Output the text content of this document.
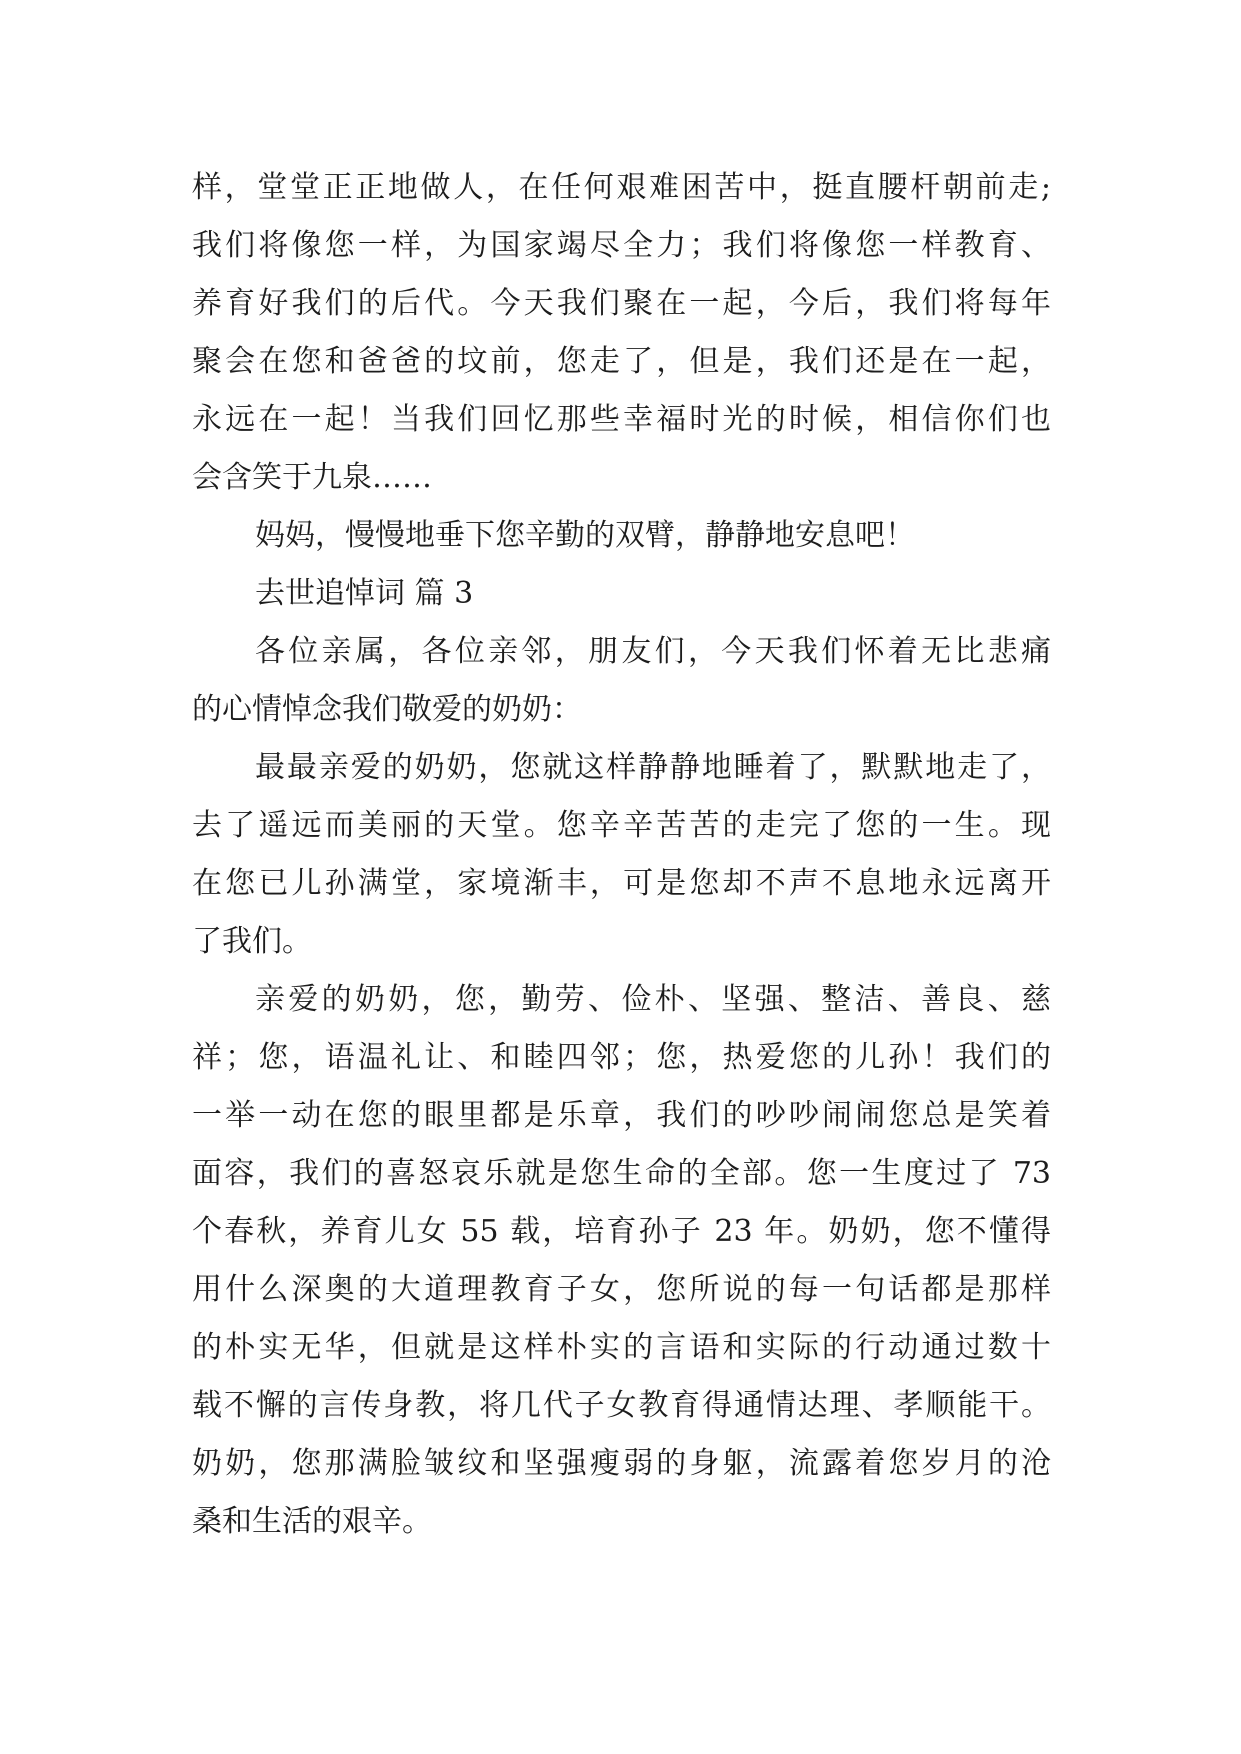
样，堂堂正正地做人，在任何艰难困苦中，挺直腰杆朝前走;
我们将像您一样，为国家竭尽全力；我们将像您一样教育、
养育好我们的后代。今天我们聚在一起，今后，我们将每年
聚会在您和爸爸的坟前，您走了，但是，我们还是在一起，
永远在一起！当我们回忆那些幸福时光的时候，相信你们也
会含笑于九泉……
妈妈，慢慢地垂下您辛勤的双臂，静静地安息吧！
去世追悼词 篇 3
各位亲属，各位亲邻，朋友们，今天我们怀着无比悲痛
的心情悼念我们敬爱的奶奶：
最最亲爱的奶奶，您就这样静静地睡着了，默默地走了，
去了遥远而美丽的天堂。您辛辛苦苦的走完了您的一生。现
在您已儿孙满堂，家境渐丰，可是您却不声不息地永远离开
了我们。
亲爱的奶奶，您，勤劳、俭朴、坚强、整洁、善良、慈
祥；您，语温礼让、和睦四邻；您，热爱您的儿孙！我们的
一举一动在您的眼里都是乐章，我们的吵吵闹闹您总是笑着
面容，我们的喜怒哀乐就是您生命的全部。您一生度过了 73
个春秋，养育儿女 55 载，培育孙子 23 年。奶奶，您不懂得
用什么深奥的大道理教育子女，您所说的每一句话都是那样
的朴实无华，但就是这样朴实的言语和实际的行动通过数十
载不懈的言传身教，将几代子女教育得通情达理、孝顺能干。
奶奶，您那满脸皱纹和坚强瘦弱的身躯，流露着您岁月的沧
桑和生活的艰辛。
